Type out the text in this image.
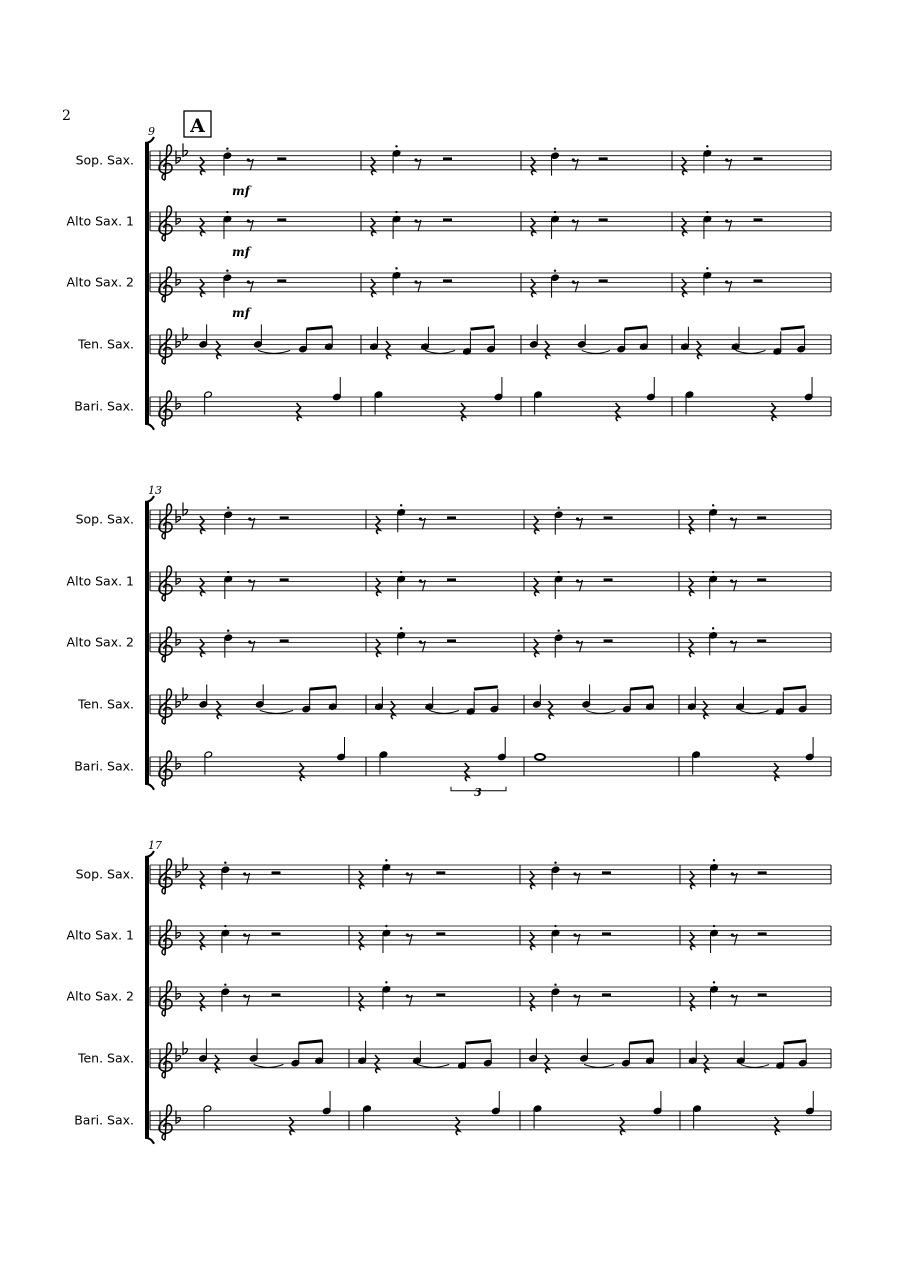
2	A
9
Sop. Sax.
mf
Alto Sax. 1
mf
Alto Sax. 2
mf
Ten. Sax.
Bari. Sax.
13
Sop. Sax.
Alto Sax. 1
Alto Sax. 2
Ten. Sax.
Bari. Sax.
3
17
Sop. Sax.
Alto Sax. 1
Alto Sax. 2
Ten. Sax.
Bari. Sax.
